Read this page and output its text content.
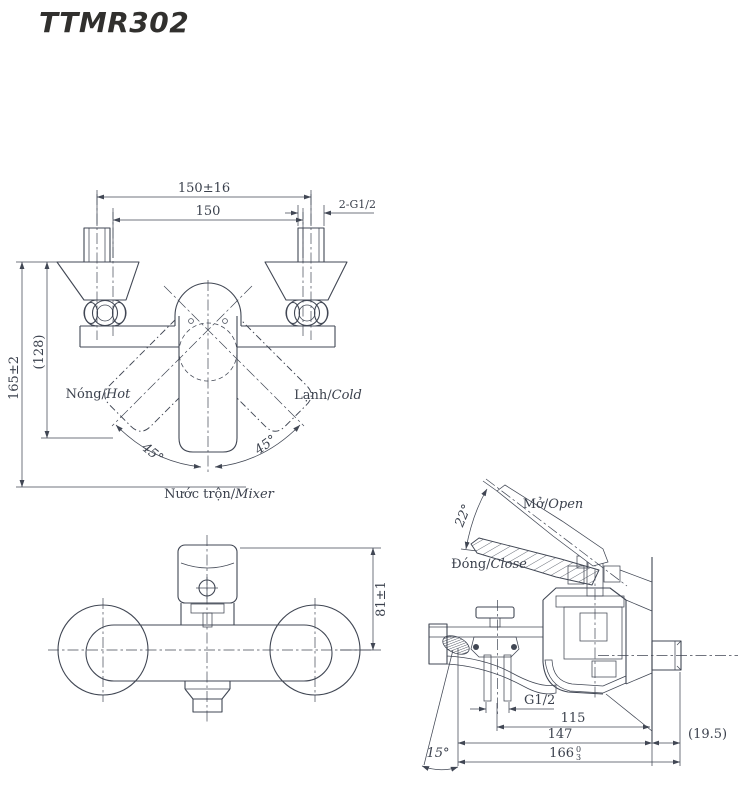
TTMR302
150±16
150	2-G1/2
165±2
(128)
45°	45°
Nóng/Hot	Lạnh/Cold
Nước trộn/Mixer
81±1
22°	Mở/Open
Đóng/Close
15°
G1/2
115
147	(19.5)
166 0
3
